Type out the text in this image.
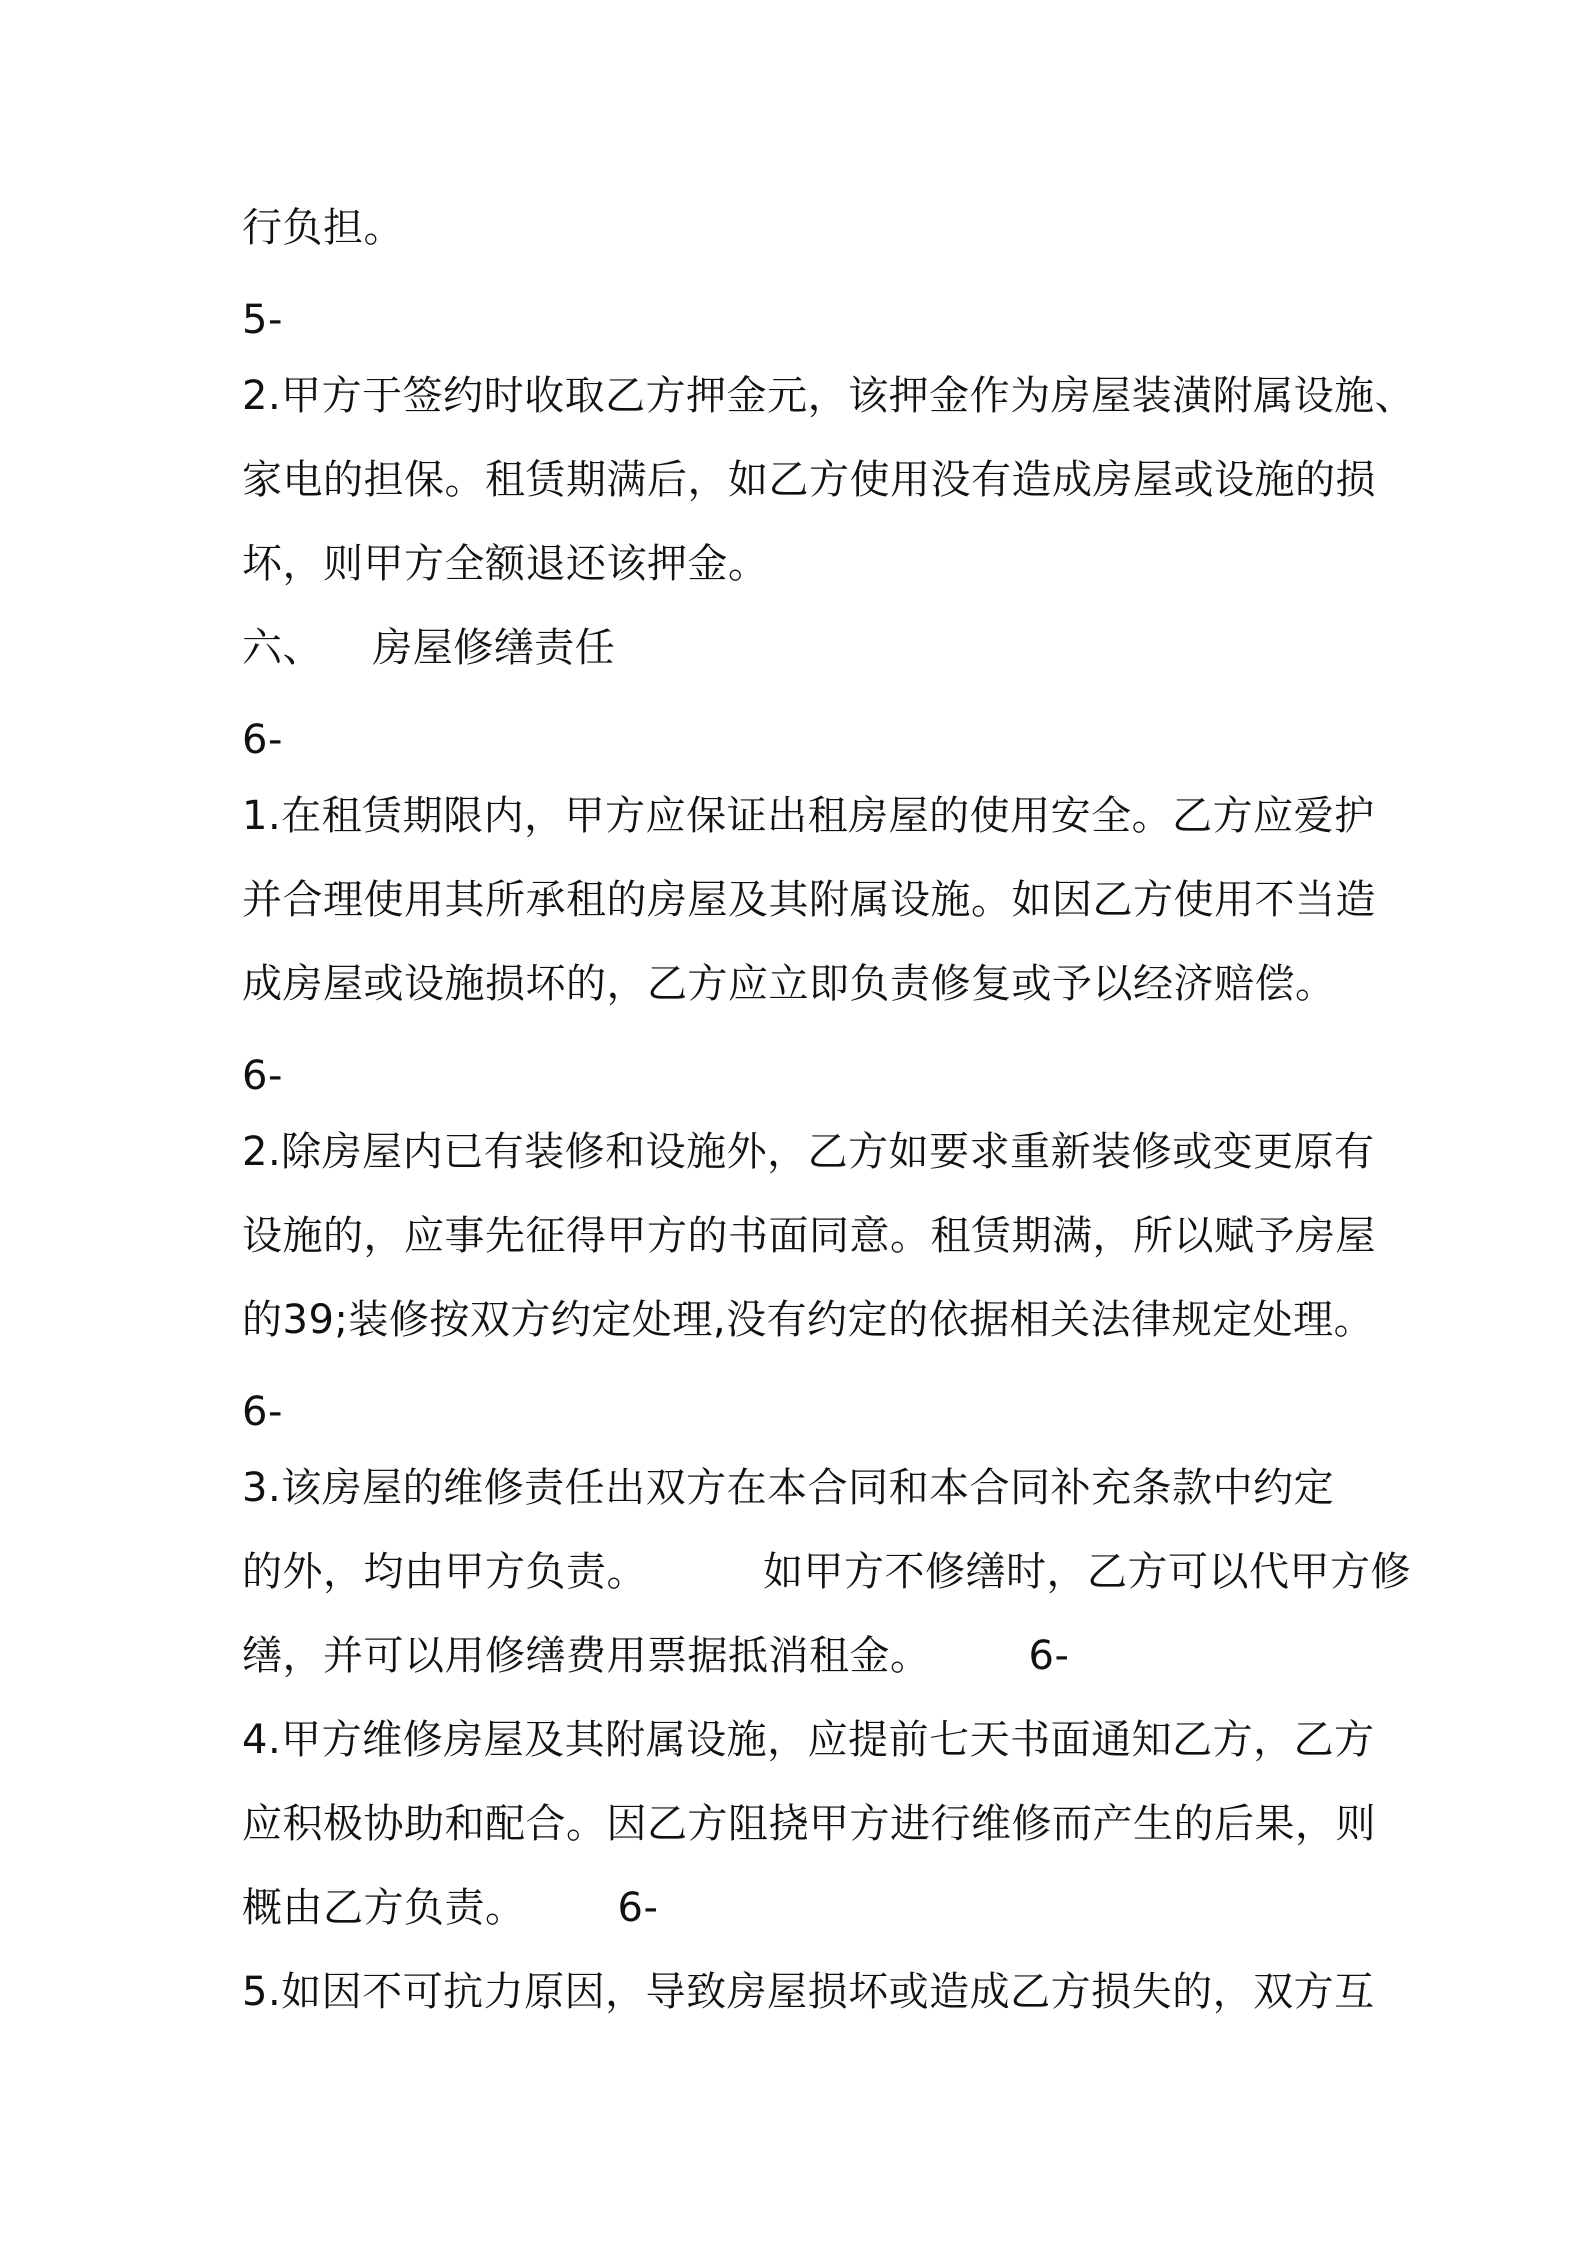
行负担。
5-
2.甲方于签约时收取乙方押金元，该押金作为房屋装潢附属设施、
家电的担保。租赁期满后，如乙方使用没有造成房屋或设施的损
坏，则甲方全额退还该押金。
六、 房屋修缮责任
6-
1.在租赁期限内，甲方应保证出租房屋的使用安全。乙方应爱护
并合理使用其所承租的房屋及其附属设施。如因乙方使用不当造
成房屋或设施损坏的，乙方应立即负责修复或予以经济赔偿。
6-
2.除房屋内已有装修和设施外，乙方如要求重新装修或变更原有
设施的，应事先征得甲方的书面同意。租赁期满，所以赋予房屋
的39;装修按双方约定处理,没有约定的依据相关法律规定处理。
6-
3.该房屋的维修责任出双方在本合同和本合同补充条款中约定
的外，均由甲方负责。	如甲方不修缮时，乙方可以代甲方修
缮，并可以用修缮费用票据抵消租金。 6-
4.甲方维修房屋及其附属设施，应提前七天书面通知乙方，乙方
应积极协助和配合。因乙方阻挠甲方进行维修而产生的后果，则
概由乙方负责。 6-
5.如因不可抗力原因，导致房屋损坏或造成乙方损失的，双方互
